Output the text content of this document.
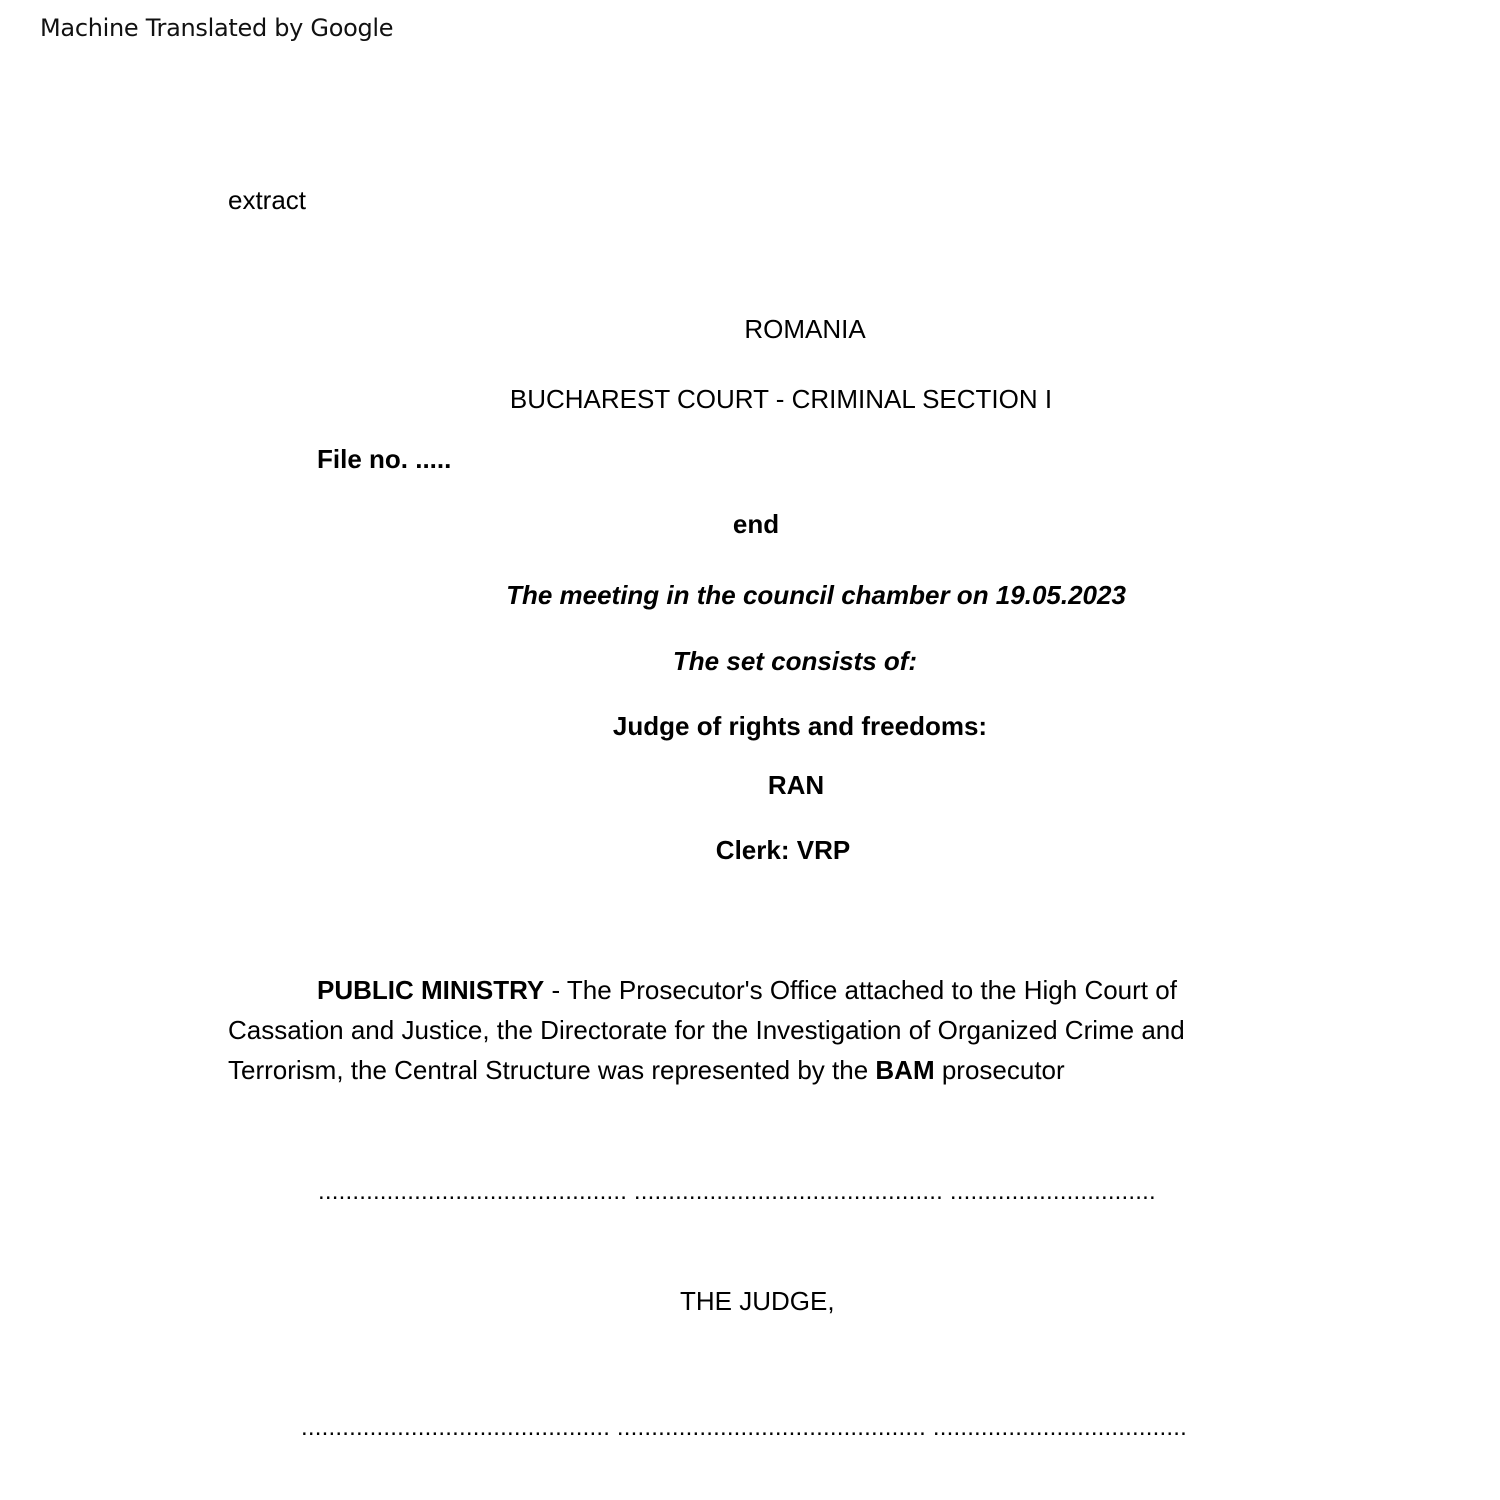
Machine Translated by Google
extract
ROMANIA
BUCHAREST COURT - CRIMINAL SECTION I
File no. .....
end
The meeting in the council chamber on 19.05.2023
The set consists of:
Judge of rights and freedoms:
RAN
Clerk: VRP
PUBLIC MINISTRY - The Prosecutor's Office attached to the High Court of Cassation and Justice, the Directorate for the Investigation of Organized Crime and Terrorism, the Central Structure was represented by the BAM prosecutor
............................................. ............................................. ..............................
THE JUDGE,
............................................. ............................................. .....................................
